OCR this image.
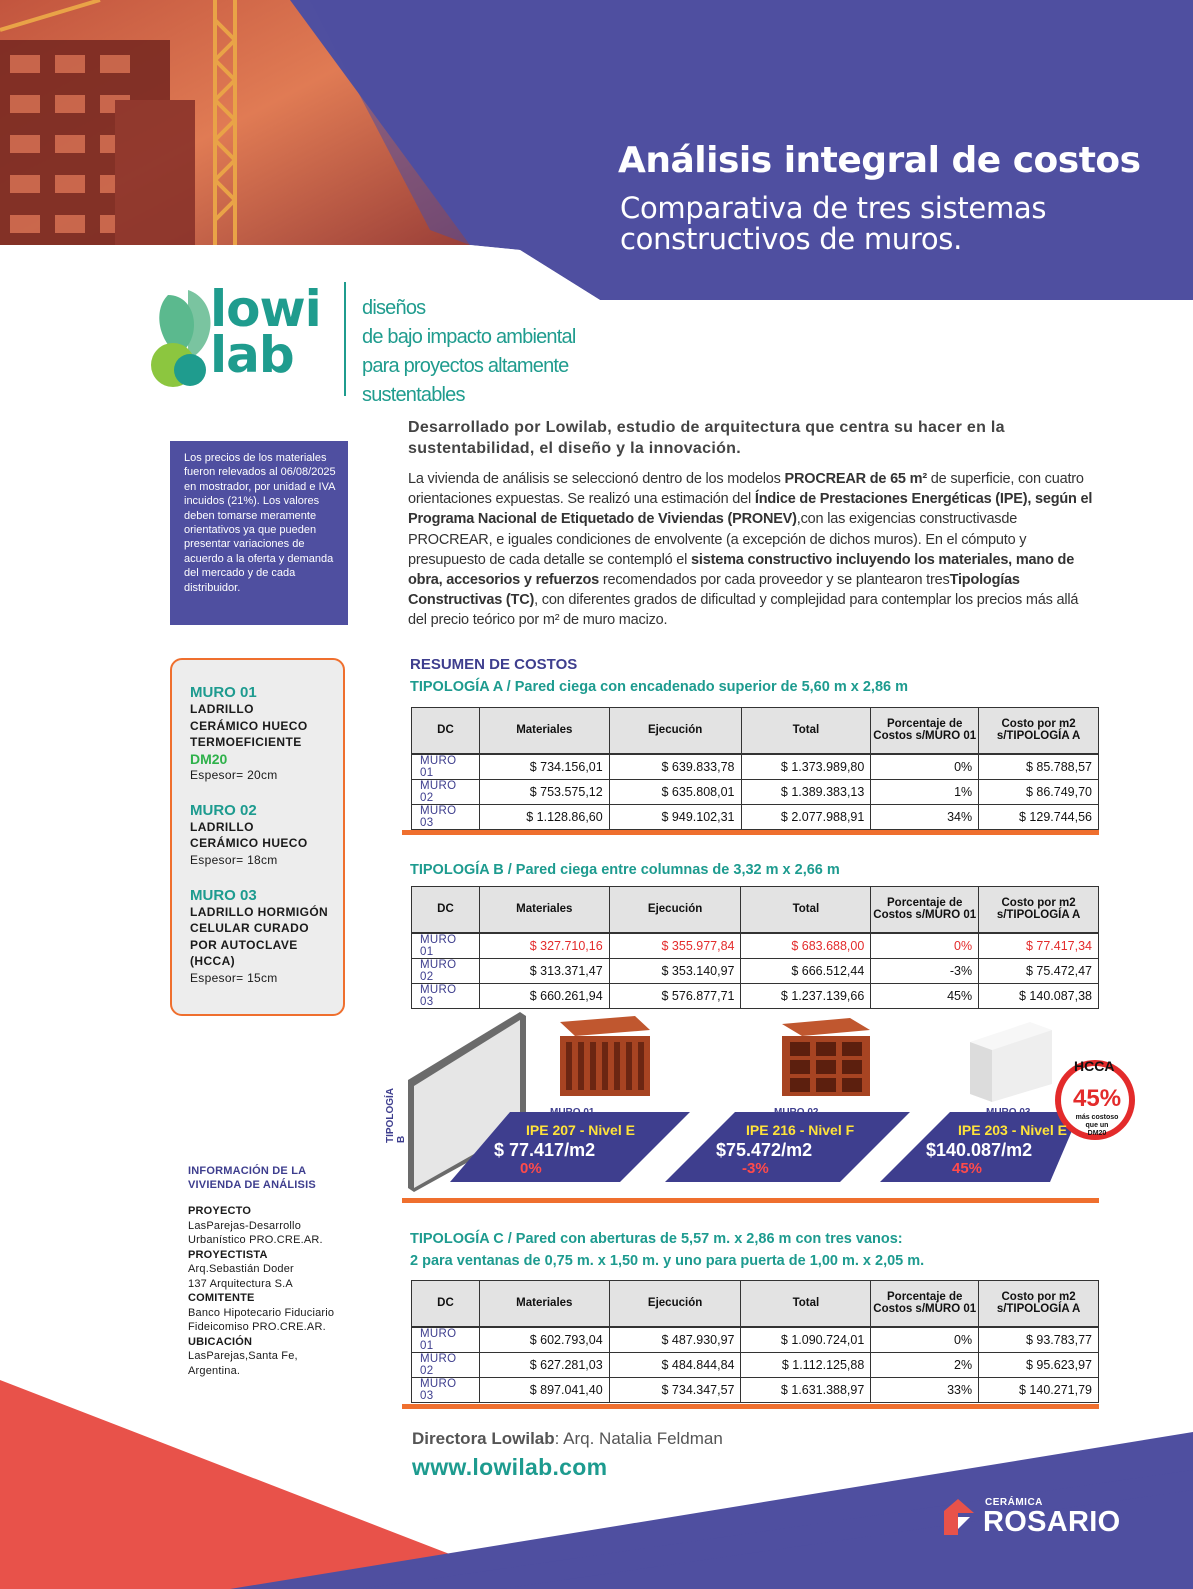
Análisis integral de costos
Comparativa de tres sistemas
constructivos de muros.
lowi
lab
diseños
de bajo impacto ambiental
para proyectos altamente sustentables
Los precios de los materiales fueron relevados al 06/08/2025 en mostrador, por unidad e IVA incuidos (21%). Los valores deben tomarse meramente orientativos ya que pueden presentar variaciones de acuerdo a la oferta y demanda del mercado y de cada distribuidor.
MURO 01
LADRILLO
CERÁMICO HUECO
TERMOEFICIENTE
DM20
Espesor= 20cm
MURO 02
LADRILLO
CERÁMICO HUECO
Espesor= 18cm
MURO 03
LADRILLO HORMIGÓN
CELULAR CURADO
POR AUTOCLAVE
(HCCA)
Espesor= 15cm
Desarrollado por Lowilab, estudio de arquitectura que centra su hacer en la sustentabilidad, el diseño y la innovación.
La vivienda de análisis se seleccionó dentro de los modelos PROCREAR de 65 m² de superficie, con cuatro orientaciones expuestas. Se realizó una estimación del Índice de Prestaciones Energéticas (IPE), según el Programa Nacional de Etiquetado de Viviendas (PRONEV),con las exigencias constructivasde PROCREAR, e iguales condiciones de envolvente (a excepción de dichos muros). En el cómputo y presupuesto de cada detalle se contempló el sistema constructivo incluyendo los materiales, mano de obra, accesorios y refuerzos recomendados por cada proveedor y se plantearon tresTipologías Constructivas (TC), con diferentes grados de dificultad y complejidad para contemplar los precios más allá del precio teórico por m² de muro macizo.
RESUMEN DE COSTOS
TIPOLOGÍA A / Pared ciega con encadenado superior de 5,60 m x 2,86 m
DC	Materiales	Ejecución	Total	Porcentaje de Costos s/MURO 01	Costo por m2 s/TIPOLOGÍA A
MURO 01	$ 734.156,01	$ 639.833,78	$ 1.373.989,80	0%	$ 85.788,57
MURO 02	$ 753.575,12	$ 635.808,01	$ 1.389.383,13	1%	$ 86.749,70
MURO 03	$ 1.128.86,60	$ 949.102,31	$ 2.077.988,91	34%	$ 129.744,56
TIPOLOGÍA B / Pared ciega entre columnas de 3,32 m x 2,66 m
DC	Materiales	Ejecución	Total	Porcentaje de Costos s/MURO 01	Costo por m2 s/TIPOLOGÍA A
MURO 01	$ 327.710,16	$ 355.977,84	$ 683.688,00	0%	$ 77.417,34
MURO 02	$ 313.371,47	$ 353.140,97	$ 666.512,44	-3%	$ 75.472,47
MURO 03	$ 660.261,94	$ 576.877,71	$ 1.237.139,66	45%	$ 140.087,38
TIPOLOGÍA B
HCCA
45%
más costoso
que un
DM20
MURO 01
IPE 207 - Nivel E
$ 77.417/m2
0%
MURO 02
IPE 216 - Nivel F
$75.472/m2
-3%
MURO 03
IPE 203 - Nivel E
$140.087/m2
45%
TIPOLOGÍA C / Pared con aberturas de 5,57 m. x 2,86 m con tres vanos:
2 para ventanas de 0,75 m. x 1,50 m. y uno para puerta de 1,00 m. x 2,05 m.
DC	Materiales	Ejecución	Total	Porcentaje de Costos s/MURO 01	Costo por m2 s/TIPOLOGÍA A
MURO 01	$ 602.793,04	$ 487.930,97	$ 1.090.724,01	0%	$ 93.783,77
MURO 02	$ 627.281,03	$ 484.844,84	$ 1.112.125,88	2%	$ 95.623,97
MURO 03	$ 897.041,40	$ 734.347,57	$ 1.631.388,97	33%	$ 140.271,79
INFORMACIÓN DE LA
VIVIENDA DE ANÁLISIS
PROYECTO
LasParejas-Desarrollo
Urbanístico PRO.CRE.AR.
PROYECTISTA
Arq.Sebastián Doder
137 Arquitectura S.A
COMITENTE
Banco Hipotecario Fiduciario
Fideicomiso PRO.CRE.AR.
UBICACIÓN
LasParejas,Santa Fe,
Argentina.
Directora Lowilab: Arq. Natalia Feldman
www.lowilab.com
CERÁMICA
ROSARIO
